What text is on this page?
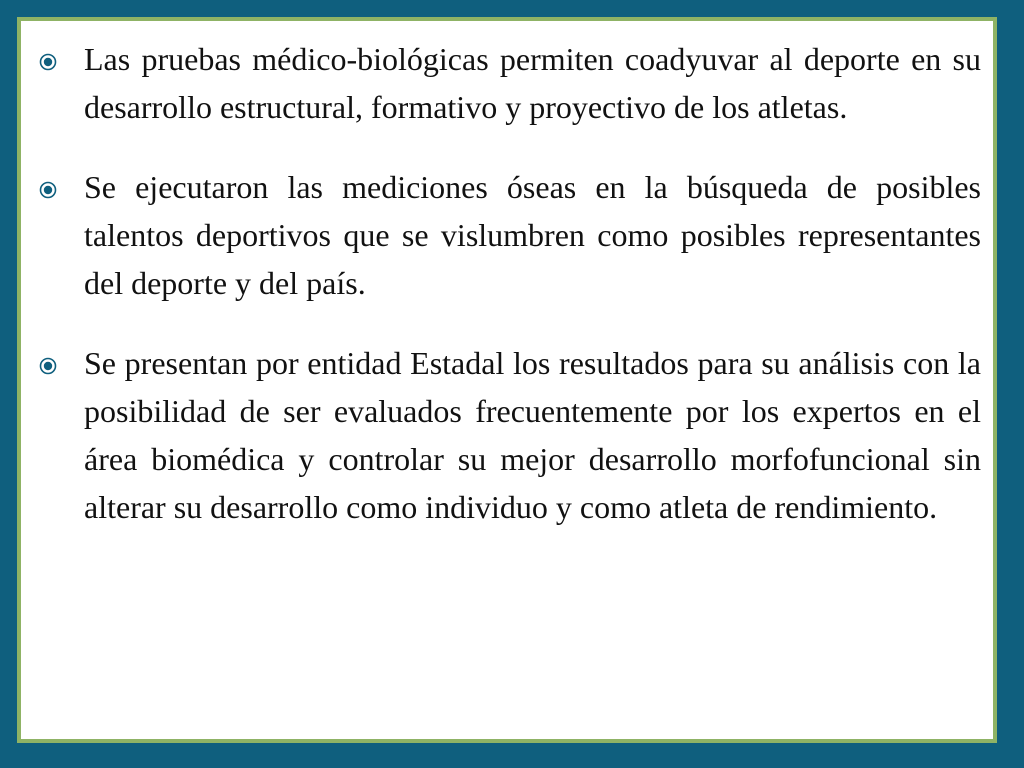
Las pruebas médico-biológicas permiten coadyuvar al deporte en su desarrollo estructural, formativo y proyectivo de los atletas.
Se ejecutaron las mediciones óseas en la búsqueda de posibles talentos deportivos que se vislumbren como posibles representantes del deporte y del país.
Se presentan por entidad Estadal los resultados para su análisis con la posibilidad de ser evaluados frecuentemente por los expertos en el área biomédica y controlar su mejor desarrollo morfofuncional sin alterar su desarrollo como individuo y como atleta de rendimiento.
